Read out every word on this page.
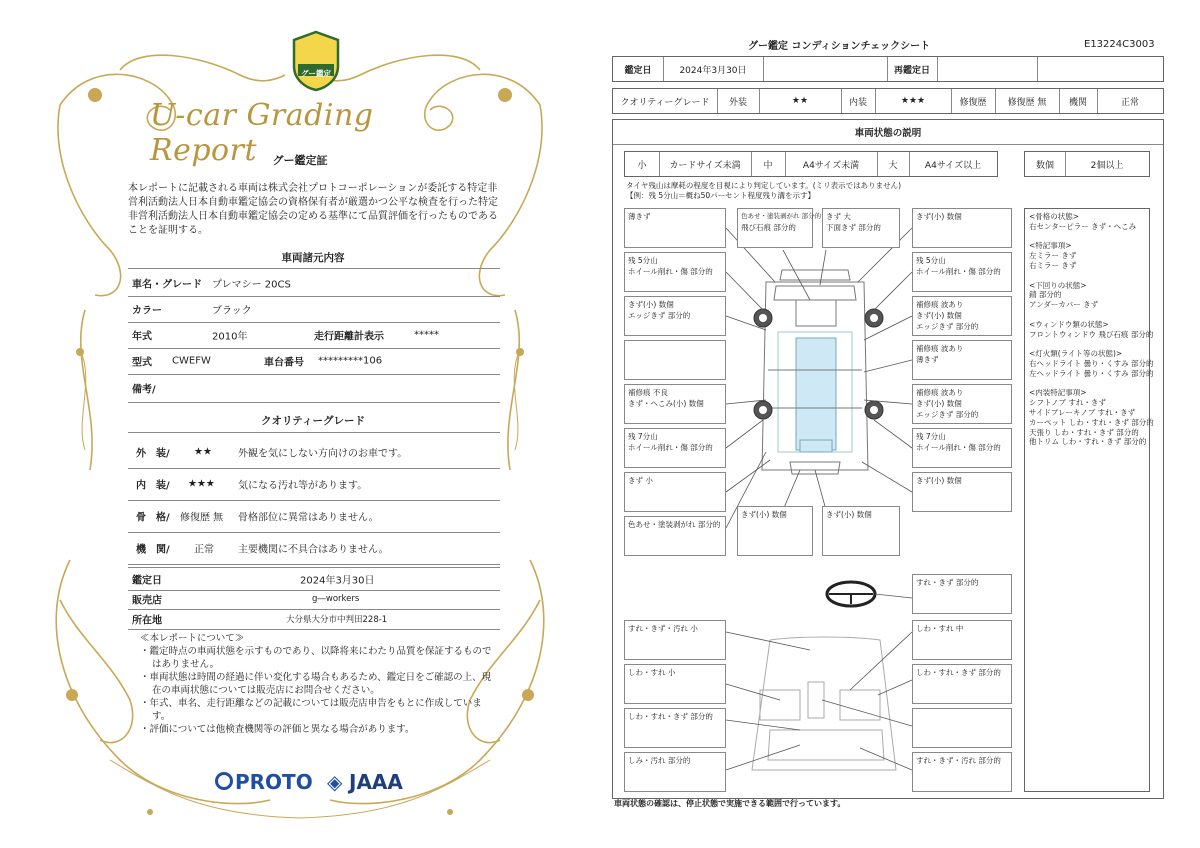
グー鑑定
U-car Grading Report	グー鑑定証
本レポートに記載される車両は株式会社プロトコーポレーションが委託する特定非営利活動法人日本自動車鑑定協会の資格保有者が厳選かつ公平な検査を行った特定非営利活動法人日本自動車鑑定協会の定める基準にて品質評価を行ったものであることを証明する。
車両諸元内容
車名・グレード プレマシー 20CS
カラー	ブラック
年式	2010年	走行距離計表示	*****
型式 CWEFW	車台番号 *********106
備考/
クオリティーグレード
外　装/ ★★	外観を気にしない方向けのお車です。
内　装/ ★★★ 気になる汚れ等があります。
骨　格/ 修復歴 無 骨格部位に異常はありません。
機　関/ 正常 主要機関に不具合はありません。
鑑定日	2024年3月30日
販売店	g―workers
所在地	大分県大分市中判田228-1
≪本レポートについて≫
・鑑定時点の車両状態を示すものであり、以降将来にわたり品質を保証するものではありません。
・車両状態は時間の経過に伴い変化する場合もあるため、鑑定日をご確認の上、現在の車両状態については販売店にお問合せください。
・年式、車名、走行距離などの記載については販売店申告をもとに作成しています。
・評価については他検査機関等の評価と異なる場合があります。
PROTO ◈ JAAA
グー鑑定 コンディションチェックシート	E13224C3003
鑑定日	2024年3月30日	再鑑定日
クオリティーグレード	外装	★★	内装	★★★	修復歴	修復歴 無	機関	正常
車両状態の説明
小	カードサイズ未満	中	A4サイズ未満	大	A4サイズ以上	数個	2個以上
タイヤ残山は摩耗の程度を目視により判定しています。(ミリ表示ではありません)
【例：残 5分山＝概ね50パーセント程度残り溝を示す】
<骨格の状態>
右センターピラー きず・へこみ
<特記事項>
左ミラー きず
右ミラー きず
<下回りの状態>
錆 部分的
アンダーカバー きず
<ウィンドウ類の状態>
フロントウィンドウ 飛び石痕 部分的
<灯火類(ライト等の状態)>
右ヘッドライト 曇り・くすみ 部分的
左ヘッドライト 曇り・くすみ 部分的
<内装特記事項>
シフトノブ すれ・きず
サイドブレーキノブ すれ・きず
カーペット しわ・すれ・きず 部分的
天張り しわ・すれ・きず 部分的
他トリム しわ・すれ・きず 部分的
薄きず	色あせ・塗装剥がれ 部分的
飛び石痕 部分的
きず 大
下面きず 部分的
きず(小) 数個
残 5分山
ホイール削れ・傷 部分的
残 5分山
ホイール削れ・傷 部分的
きず(小) 数個
エッジきず 部分的
補修痕 波あり
きず(小) 数個
エッジきず 部分的
補修痕 波あり
薄きず
補修痕 不良
きず・へこみ(小) 数個
補修痕 波あり
きず(小) 数個
エッジきず 部分的
残 7分山
ホイール削れ・傷 部分的
残 7分山
ホイール削れ・傷 部分的
きず 小	きず(小) 数個
色あせ・塗装剥がれ 部分的
きず(小) 数個	きず(小) 数個
すれ・きず 部分的
すれ・きず・汚れ 小	しわ・すれ 中
しわ・すれ 小	しわ・すれ・きず 部分的
しわ・すれ・きず 部分的
しみ・汚れ 部分的	すれ・きず・汚れ 部分的
車両状態の確認は、停止状態で実施できる範囲で行っています。
